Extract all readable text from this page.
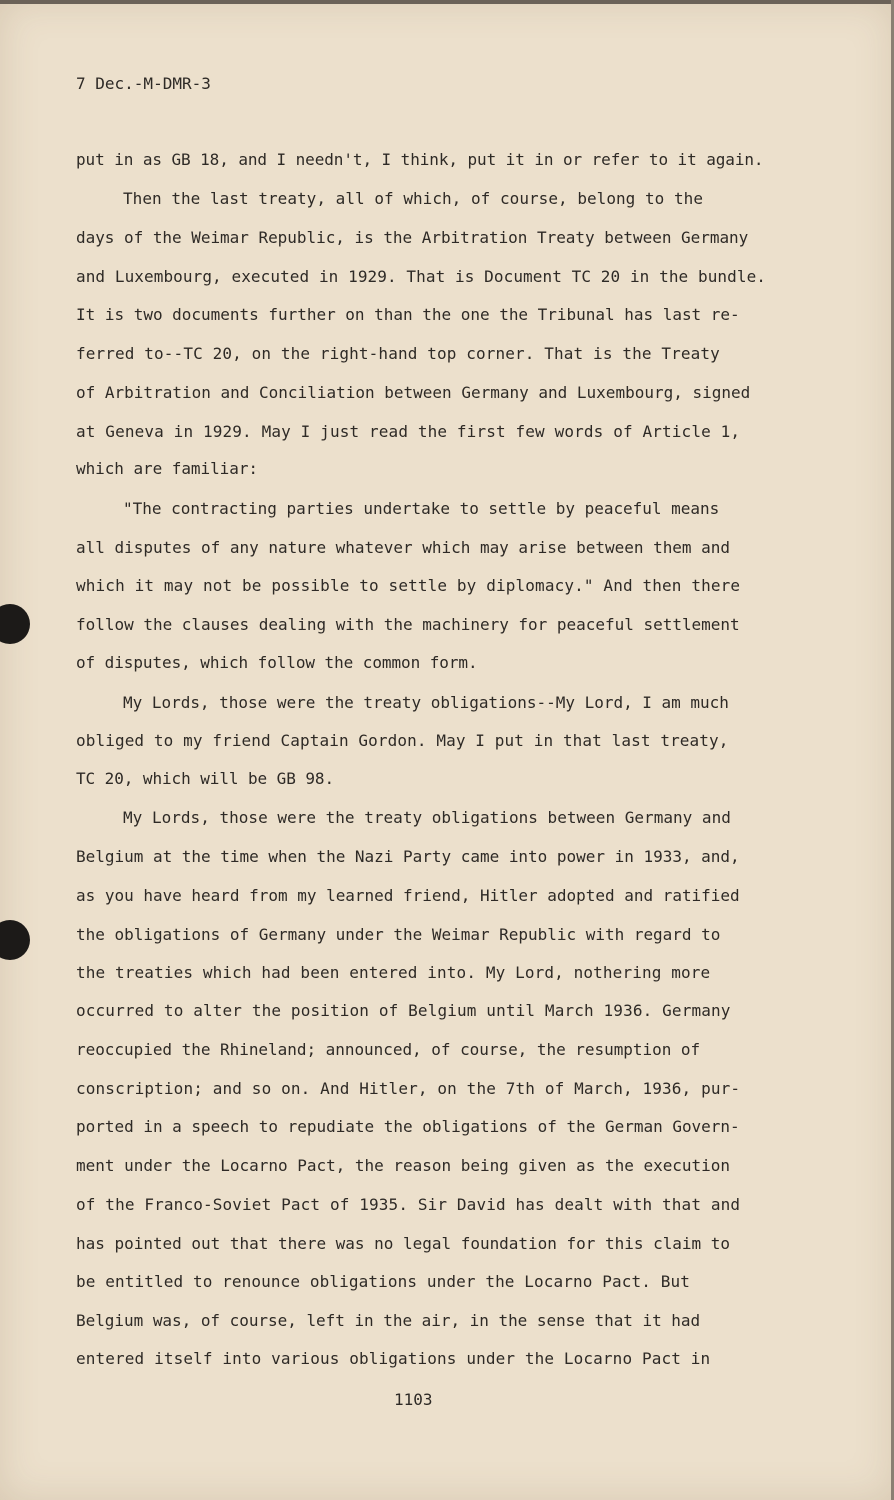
7 Dec.-M-DMR-3
put in as GB 18, and I needn't, I think, put it in or refer to it again.
Then the last treaty, all of which, of course, belong to the
days of the Weimar Republic, is the Arbitration Treaty between Germany
and Luxembourg, executed in 1929. That is Document TC 20 in the bundle.
It is two documents further on than the one the Tribunal has last re-
ferred to--TC 20, on the right-hand top corner. That is the Treaty
of Arbitration and Conciliation between Germany and Luxembourg, signed
at Geneva in 1929. May I just read the first few words of Article 1,
which are familiar:
"The contracting parties undertake to settle by peaceful means
all disputes of any nature whatever which may arise between them and
which it may not be possible to settle by diplomacy." And then there
follow the clauses dealing with the machinery for peaceful settlement
of disputes, which follow the common form.
My Lords, those were the treaty obligations--My Lord, I am much
obliged to my friend Captain Gordon. May I put in that last treaty,
TC 20, which will be GB 98.
My Lords, those were the treaty obligations between Germany and
Belgium at the time when the Nazi Party came into power in 1933, and,
as you have heard from my learned friend, Hitler adopted and ratified
the obligations of Germany under the Weimar Republic with regard to
the treaties which had been entered into. My Lord, nothering more
occurred to alter the position of Belgium until March 1936. Germany
reoccupied the Rhineland; announced, of course, the resumption of
conscription; and so on. And Hitler, on the 7th of March, 1936, pur-
ported in a speech to repudiate the obligations of the German Govern-
ment under the Locarno Pact, the reason being given as the execution
of the Franco-Soviet Pact of 1935. Sir David has dealt with that and
has pointed out that there was no legal foundation for this claim to
be entitled to renounce obligations under the Locarno Pact. But
Belgium was, of course, left in the air, in the sense that it had
entered itself into various obligations under the Locarno Pact in
1103
